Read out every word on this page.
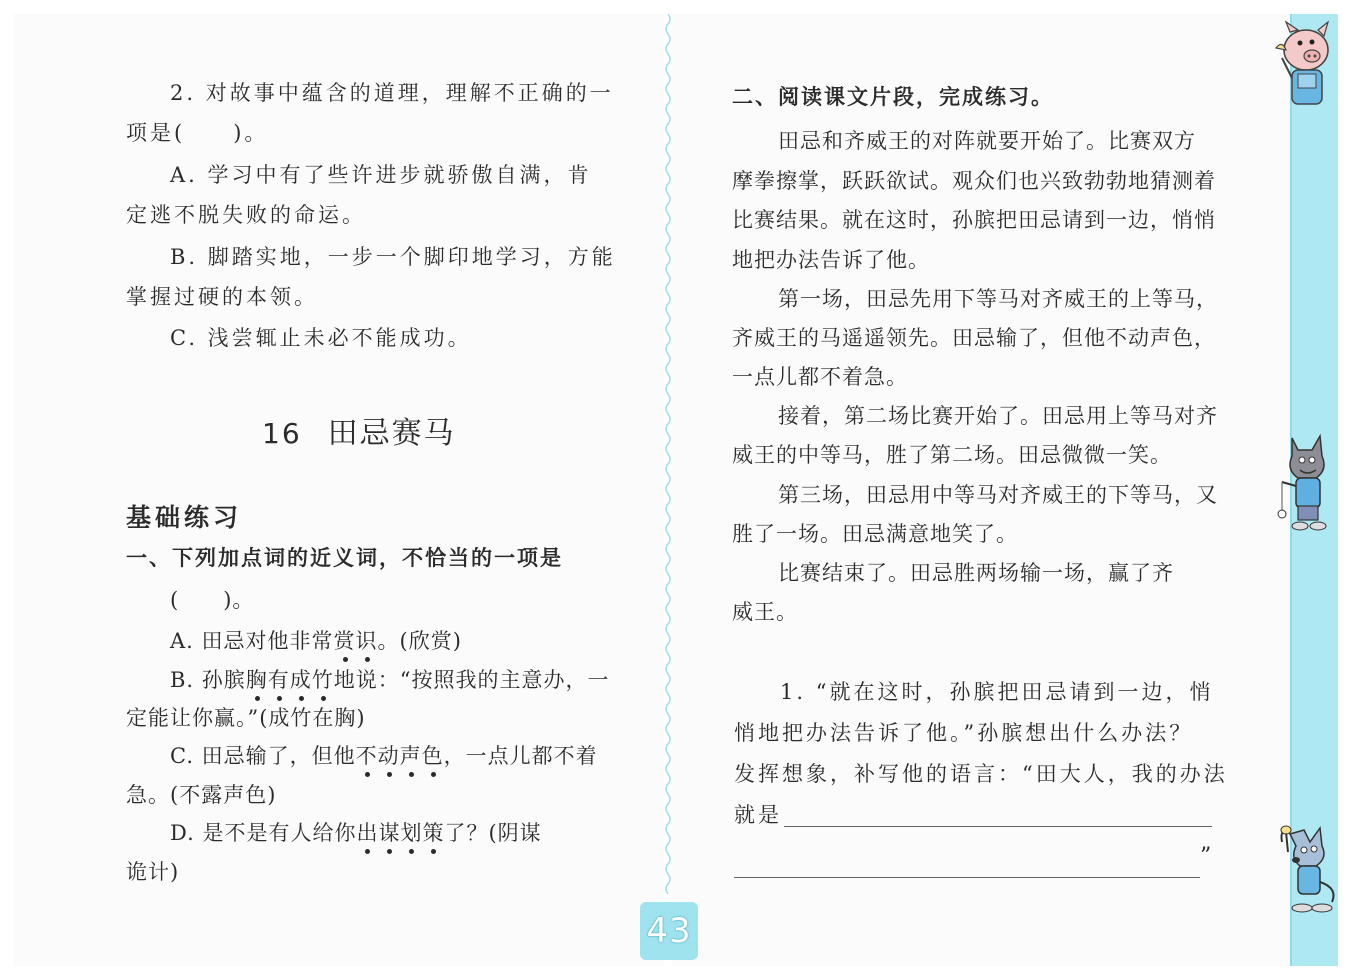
2. 对故事中蕴含的道理，理解不正确的一
项是(　　)。
A. 学习中有了些许进步就骄傲自满，肯
定逃不脱失败的命运。
B. 脚踏实地，一步一个脚印地学习，方能
掌握过硬的本领。
C. 浅尝辄止未必不能成功。
16 田忌赛马
基础练习
一、下列加点词的近义词，不恰当的一项是
(　　)。
A. 田忌对他非常赏识。(欣赏)
B. 孙膑胸有成竹地说：“按照我的主意办，一
定能让你赢。”(成竹在胸)
C. 田忌输了，但他不动声色，一点儿都不着
急。(不露声色)
D. 是不是有人给你出谋划策了？(阴谋
诡计)
二、阅读课文片段，完成练习。
田忌和齐威王的对阵就要开始了。比赛双方
摩拳擦掌，跃跃欲试。观众们也兴致勃勃地猜测着
比赛结果。就在这时，孙膑把田忌请到一边，悄悄
地把办法告诉了他。
第一场，田忌先用下等马对齐威王的上等马，
齐威王的马遥遥领先。田忌输了，但他不动声色，
一点儿都不着急。
接着，第二场比赛开始了。田忌用上等马对齐
威王的中等马，胜了第二场。田忌微微一笑。
第三场，田忌用中等马对齐威王的下等马，又
胜了一场。田忌满意地笑了。
比赛结束了。田忌胜两场输一场，赢了齐
威王。
1. “就在这时，孙膑把田忌请到一边，悄
悄地把办法告诉了他。”孙膑想出什么办法？
发挥想象，补写他的语言：“田大人，我的办法
就是
”
43
